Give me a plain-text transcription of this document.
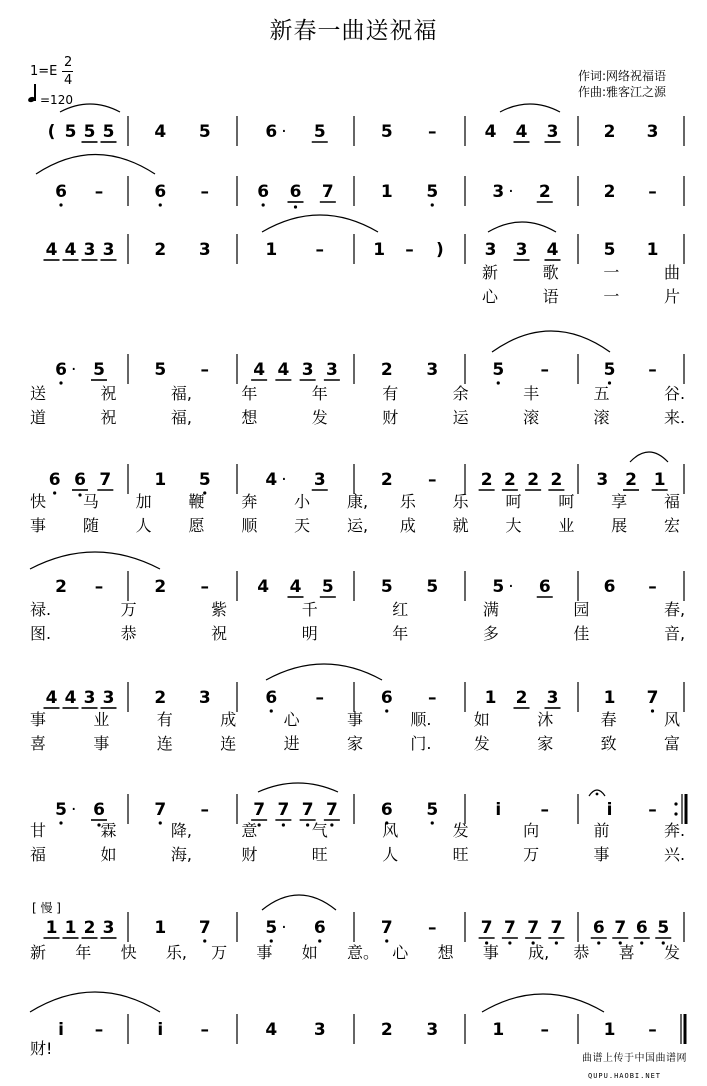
新春一曲送祝福
1=E
2
4
=120
作词:网络祝福语
作曲:雅客江之源
( 5 5 5 4 5	6 · 5	5 –	4 4 3	2 3
6 –	6 –	6 6 7	1 5	3 · 2	2 –
4 4 3 3 2 3	1 –	1 – ) 3 3 4	5 1
6 · 5	5 –	4 4 3 3	2 3	5 –	5 –
6 6 7	1 5	4 · 3	2 –	2 2 2 2 3 2 1
2 –	2 –	4 4 5	5 5	5 · 6	6 –
4 4 3 3 2 3	6 –	6 –	1 2 3	1 7
5 · 6	7 –	7 7 7 7	6 5	i –	i –
1 1 2 3 1 7	5 · 6	7 –	7 7 7 7 6 7 6 5
i –	i –	4 3	2 3	1 –	1 –
[ 慢 ]
新	歌	一	曲
心	语	一	片
送	祝	福,	年	年	有	余	丰	五	谷.
道	祝	福,	想	发	财	运	滚	滚	来.
快 马 加 鞭 奔 小 康, 乐 乐 呵 呵 享 福
事 随 人 愿 顺 天 运, 成 就 大 业 展 宏
禄.	万	紫	千	红	满	园	春,
图.	恭	祝	明	年	多	佳	音,
事	业	有	成	心	事	顺.	如	沐	春	风
喜	事	连	连	进	家	门.	发	家	致	富
甘	霖	降,	意	气	风	发	向	前	奔.
福	如	海,	财	旺	人	旺	万	事	兴.
新 年 快 乐, 万 事 如 意。 心 想 事 成, 恭 喜 发
财!
曲谱上传于中国曲谱网
QUPU.HAOBI.NET
